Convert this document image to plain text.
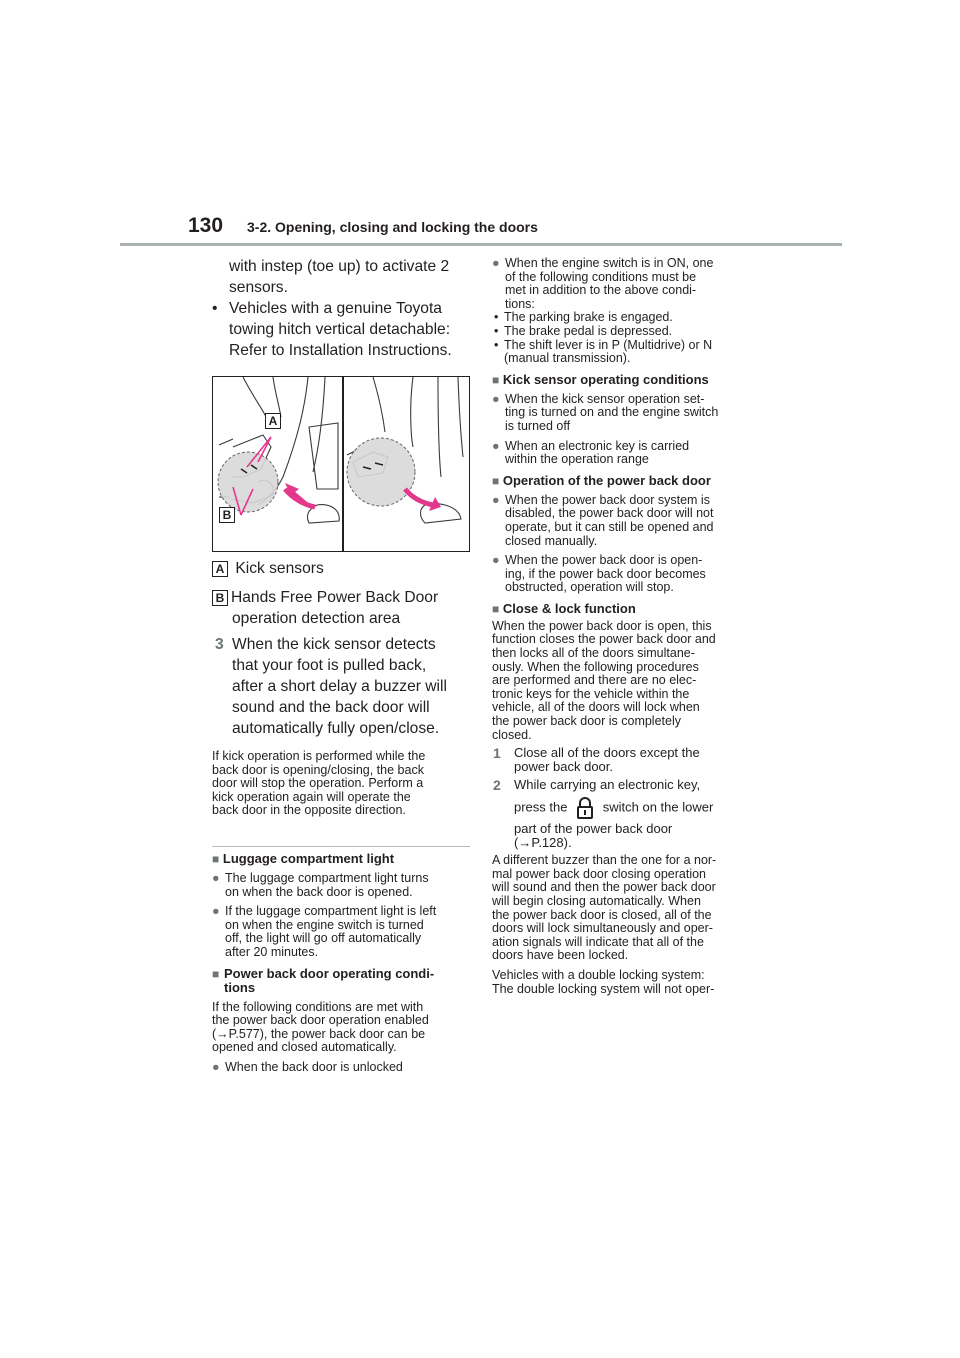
130 3-2. Opening, closing and locking the doors
with instep (toe up) to activate 2
sensors.
• Vehicles with a genuine Toyota
towing hitch vertical detachable:
Refer to Installation Instructions.
A
B
A Kick sensors
B Hands Free Power Back Door
operation detection area
3 When the kick sensor detects
that your foot is pulled back,
after a short delay a buzzer will
sound and the back door will
automatically fully open/close.
If kick operation is performed while the
back door is opening/closing, the back
door will stop the operation. Perform a
kick operation again will operate the
back door in the opposite direction.
■ Luggage compartment light
● The luggage compartment light turns
on when the back door is opened.
● If the luggage compartment light is left
on when the engine switch is turned
off, the light will go off automatically
after 20 minutes.
■ Power back door operating condi-
tions
If the following conditions are met with
the power back door operation enabled
(→P.577), the power back door can be
opened and closed automatically.
● When the back door is unlocked
● When the engine switch is in ON, one
of the following conditions must be
met in addition to the above condi-
tions:
• The parking brake is engaged.
• The brake pedal is depressed.
• The shift lever is in P (Multidrive) or N
(manual transmission).
■ Kick sensor operating conditions
● When the kick sensor operation set-
ting is turned on and the engine switch
is turned off
● When an electronic key is carried
within the operation range
■ Operation of the power back door
● When the power back door system is
disabled, the power back door will not
operate, but it can still be opened and
closed manually.
● When the power back door is open-
ing, if the power back door becomes
obstructed, operation will stop.
■ Close & lock function
When the power back door is open, this
function closes the power back door and
then locks all of the doors simultane-
ously. When the following procedures
are performed and there are no elec-
tronic keys for the vehicle within the
vehicle, all of the doors will lock when
the power back door is completely
closed.
1 Close all of the doors except the
power back door.
2 While carrying an electronic key,
press the	switch on the lower
part of the power back door
(→P.128).
A different buzzer than the one for a nor-
mal power back door closing operation
will sound and then the power back door
will begin closing automatically. When
the power back door is closed, all of the
doors will lock simultaneously and oper-
ation signals will indicate that all of the
doors have been locked.
Vehicles with a double locking system:
The double locking system will not oper-
